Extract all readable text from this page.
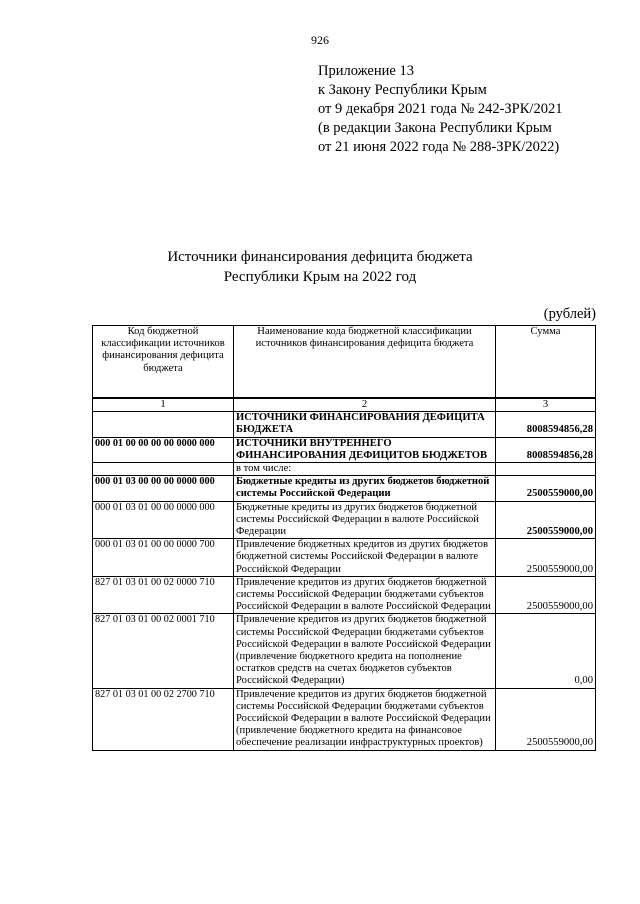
926
Приложение 13
к Закону Республики Крым
от 9 декабря 2021 года № 242-ЗРК/2021
(в редакции Закона Республики Крым
от 21 июня 2022 года № 288-ЗРК/2022)
Источники финансирования дефицита бюджета
Республики Крым на 2022 год
(рублей)
Код бюджетной классификации источников финансирования дефицита бюджета	Наименование кода бюджетной классификации источников финансирования дефицита бюджета	Сумма
1	2	3
	ИСТОЧНИКИ ФИНАНСИРОВАНИЯ ДЕФИЦИТА БЮДЖЕТА	8008594856,28
000 01 00 00 00 00 0000 000	ИСТОЧНИКИ ВНУТРЕННЕГО ФИНАНСИРОВАНИЯ ДЕФИЦИТОВ БЮДЖЕТОВ	8008594856,28
	в том числе:	
000 01 03 00 00 00 0000 000	Бюджетные кредиты из других бюджетов бюджетной системы Российской Федерации	2500559000,00
000 01 03 01 00 00 0000 000	Бюджетные кредиты из других бюджетов бюджетной системы Российской Федерации в валюте Российской Федерации	2500559000,00
000 01 03 01 00 00 0000 700	Привлечение бюджетных кредитов из других бюджетов бюджетной системы Российской Федерации в валюте Российской Федерации	2500559000,00
827 01 03 01 00 02 0000 710	Привлечение кредитов из других бюджетов бюджетной системы Российской Федерации бюджетами субъектов Российской Федерации в валюте Российской Федерации	2500559000,00
827 01 03 01 00 02 0001 710	Привлечение кредитов из других бюджетов бюджетной системы Российской Федерации бюджетами субъектов Российской Федерации в валюте Российской Федерации (привлечение бюджетного кредита на пополнение остатков средств на счетах бюджетов субъектов Российской Федерации)	0,00
827 01 03 01 00 02 2700 710	Привлечение кредитов из других бюджетов бюджетной системы Российской Федерации бюджетами субъектов Российской Федерации в валюте Российской Федерации (привлечение бюджетного кредита на финансовое обеспечение реализации инфраструктурных проектов)	2500559000,00
